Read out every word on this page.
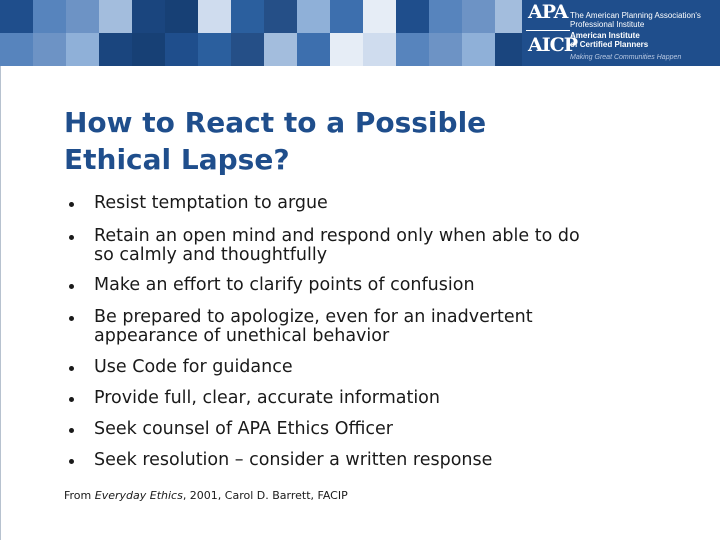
APA
AICP
The American Planning Association's
Professional Institute
American Institute
of Certified Planners
Making Great Communities Happen
How to React to a Possible
Ethical Lapse?
Resist temptation to argue
Retain an open mind and respond only when able to do
so calmly and thoughtfully
Make an effort to clarify points of confusion
Be prepared to apologize, even for an inadvertent
appearance of unethical behavior
Use Code for guidance
Provide full, clear, accurate information
Seek counsel of APA Ethics Officer
Seek resolution – consider a written response
From Everyday Ethics, 2001, Carol D. Barrett, FACIP
